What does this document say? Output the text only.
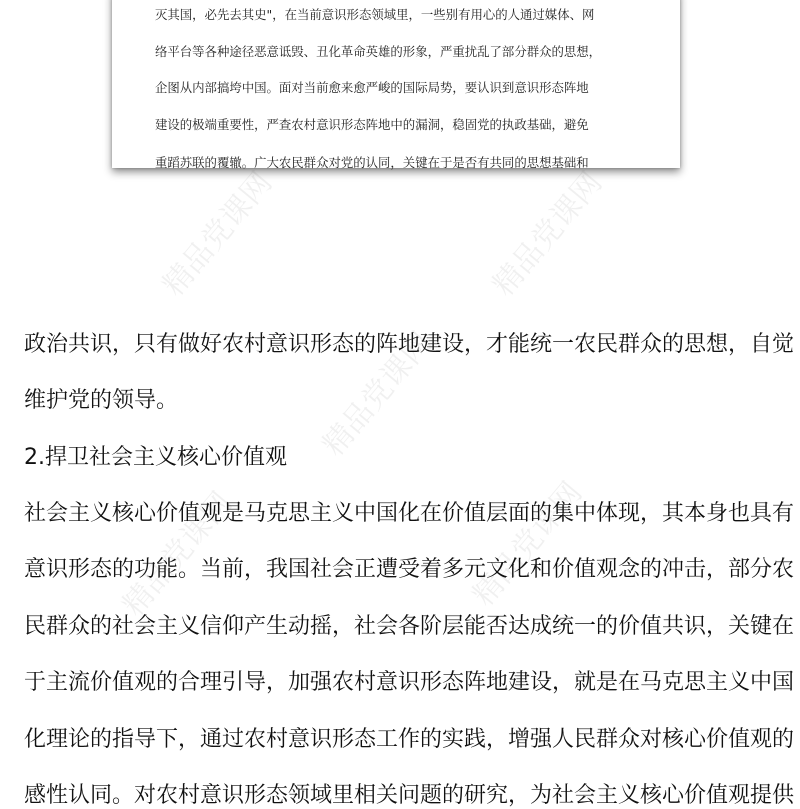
灭其国，必先去其史"，在当前意识形态领域里，一些别有用心的人通过媒体、网
络平台等各种途径恶意诋毁、丑化革命英雄的形象，严重扰乱了部分群众的思想，
企图从内部搞垮中国。面对当前愈来愈严峻的国际局势，要认识到意识形态阵地
建设的极端重要性，严查农村意识形态阵地中的漏洞，稳固党的执政基础，避免
重蹈苏联的覆辙。广大农民群众对党的认同，关键在于是否有共同的思想基础和
精品党课网	精品党课网
精品党课网
精品党课网	精品党课网
政治共识，只有做好农村意识形态的阵地建设，才能统一农民群众的思想，自觉
维护党的领导。
2.捍卫社会主义核心价值观
社会主义核心价值观是马克思主义中国化在价值层面的集中体现，其本身也具有
意识形态的功能。当前，我国社会正遭受着多元文化和价值观念的冲击，部分农
民群众的社会主义信仰产生动摇，社会各阶层能否达成统一的价值共识，关键在
于主流价值观的合理引导，加强农村意识形态阵地建设，就是在马克思主义中国
化理论的指导下，通过农村意识形态工作的实践，增强人民群众对核心价值观的
感性认同。对农村意识形态领域里相关问题的研究，为社会主义核心价值观提供
